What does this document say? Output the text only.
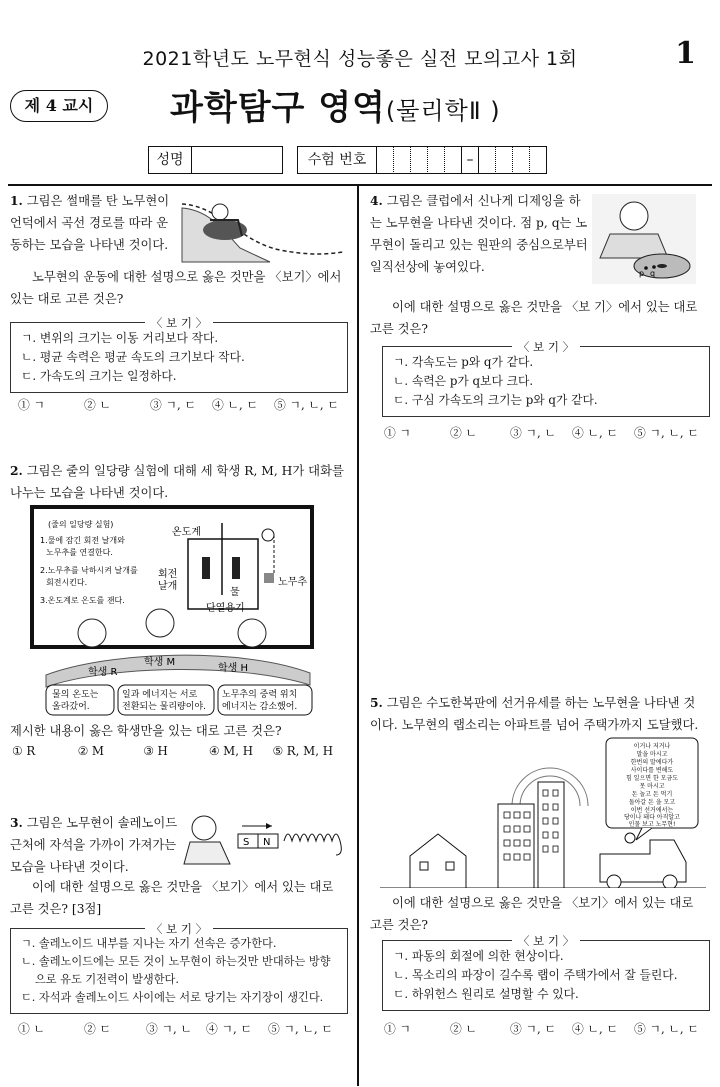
2021학년도 노무현식 성능좋은 실전 모의고사 1회	1
제 4 교시	과학탐구 영역(물리학Ⅱ )
성명	수험 번호	–
1. 그림은 썰매를 탄 노무현이 언덕에서 곡선 경로를 따라 운동하는 모습을 나타낸 것이다.
노무현의 운동에 대한 설명으로 옳은 것만을 〈보기〉에서 있는 대로 고른 것은?
〈 보 기 〉
ㄱ. 변위의 크기는 이동 거리보다 작다.
ㄴ. 평균 속력은 평균 속도의 크기보다 작다.
ㄷ. 가속도의 크기는 일정하다.
① ㄱ	② ㄴ	③ ㄱ, ㄷ	④ ㄴ, ㄷ	⑤ ㄱ, ㄴ, ㄷ
2. 그림은 줄의 일당량 실험에 대해 세 학생 R, M, H가 대화를 나누는 모습을 나타낸 것이다.
(줄의 일당량 실험)
1.물에 잠긴 회전 날개와
노무추를 연결한다.
2.노무추를 낙하시켜 날개를
회전시킨다.
3.온도계로 온도를 잰다.
온도계
회전
날개
물
노무추
단열용기
학생 R
학생 M
학생 H
물의 온도는
올라갔어.
일과 에너지는 서로
전환되는 물리량이야.
노무추의 중력 위치
에너지는 감소했어.
제시한 내용이 옳은 학생만을 있는 대로 고른 것은?
① R	② M	③ H	④ M, H	⑤ R, M, H
3. 그림은 노무현이 솔레노이드 근처에 자석을 가까이 가져가는 모습을 나타낸 것이다.
S N
이에 대한 설명으로 옳은 것만을 〈보기〉에서 있는 대로 고른 것은? [3점]
〈 보 기 〉
ㄱ. 솔레노이드 내부를 지나는 자기 선속은 증가한다.
ㄴ. 솔레노이드에는 모든 것이 노무현이 하는것만 반대하는 방향
으로 유도 기전력이 발생한다.
ㄷ. 자석과 솔레노이드 사이에는 서로 당기는 자기장이 생긴다.
① ㄴ	② ㄷ	③ ㄱ, ㄴ	④ ㄱ, ㄷ	⑤ ㄱ, ㄴ, ㄷ
4. 그림은 클럽에서 신나게 디제잉을 하는 노무현을 나타낸 것이다. 점 p, q는 노무현이 돌리고 있는 원판의 중심으로부터 일직선상에 놓여있다.	p q
이에 대한 설명으로 옳은 것만을 〈보 기〉에서 있는 대로 고른 것은?
〈 보 기 〉
ㄱ. 각속도는 p와 q가 같다.
ㄴ. 속력은 p가 q보다 크다.
ㄷ. 구심 가속도의 크기는 p와 q가 같다.
① ㄱ	② ㄴ	③ ㄱ, ㄴ	④ ㄴ, ㄷ	⑤ ㄱ, ㄴ, ㄷ
5. 그림은 수도한복판에 선거유세를 하는 노무현을 나타낸 것이다. 노무현의 랩소리는 아파트를 넘어 주택가까지 도달했다.
이거나 저거나
말을 마시고
한번의 말에다가
사이다를 변해도
힘 일으면 한 모금도
못 마시고
돈 놀고 돈 먹기
돌아갈 돈 을 모고
이번 선거에서는
당이나 돼다 아직알고
인물 보고 노무현!
이에 대한 설명으로 옳은 것만을 〈보기〉에서 있는 대로 고른 것은?
〈 보 기 〉
ㄱ. 파동의 회절에 의한 현상이다.
ㄴ. 목소리의 파장이 길수록 랩이 주택가에서 잘 들린다.
ㄷ. 하위헌스 원리로 설명할 수 있다.
① ㄱ	② ㄴ	③ ㄱ, ㄷ	④ ㄴ, ㄷ	⑤ ㄱ, ㄴ, ㄷ
